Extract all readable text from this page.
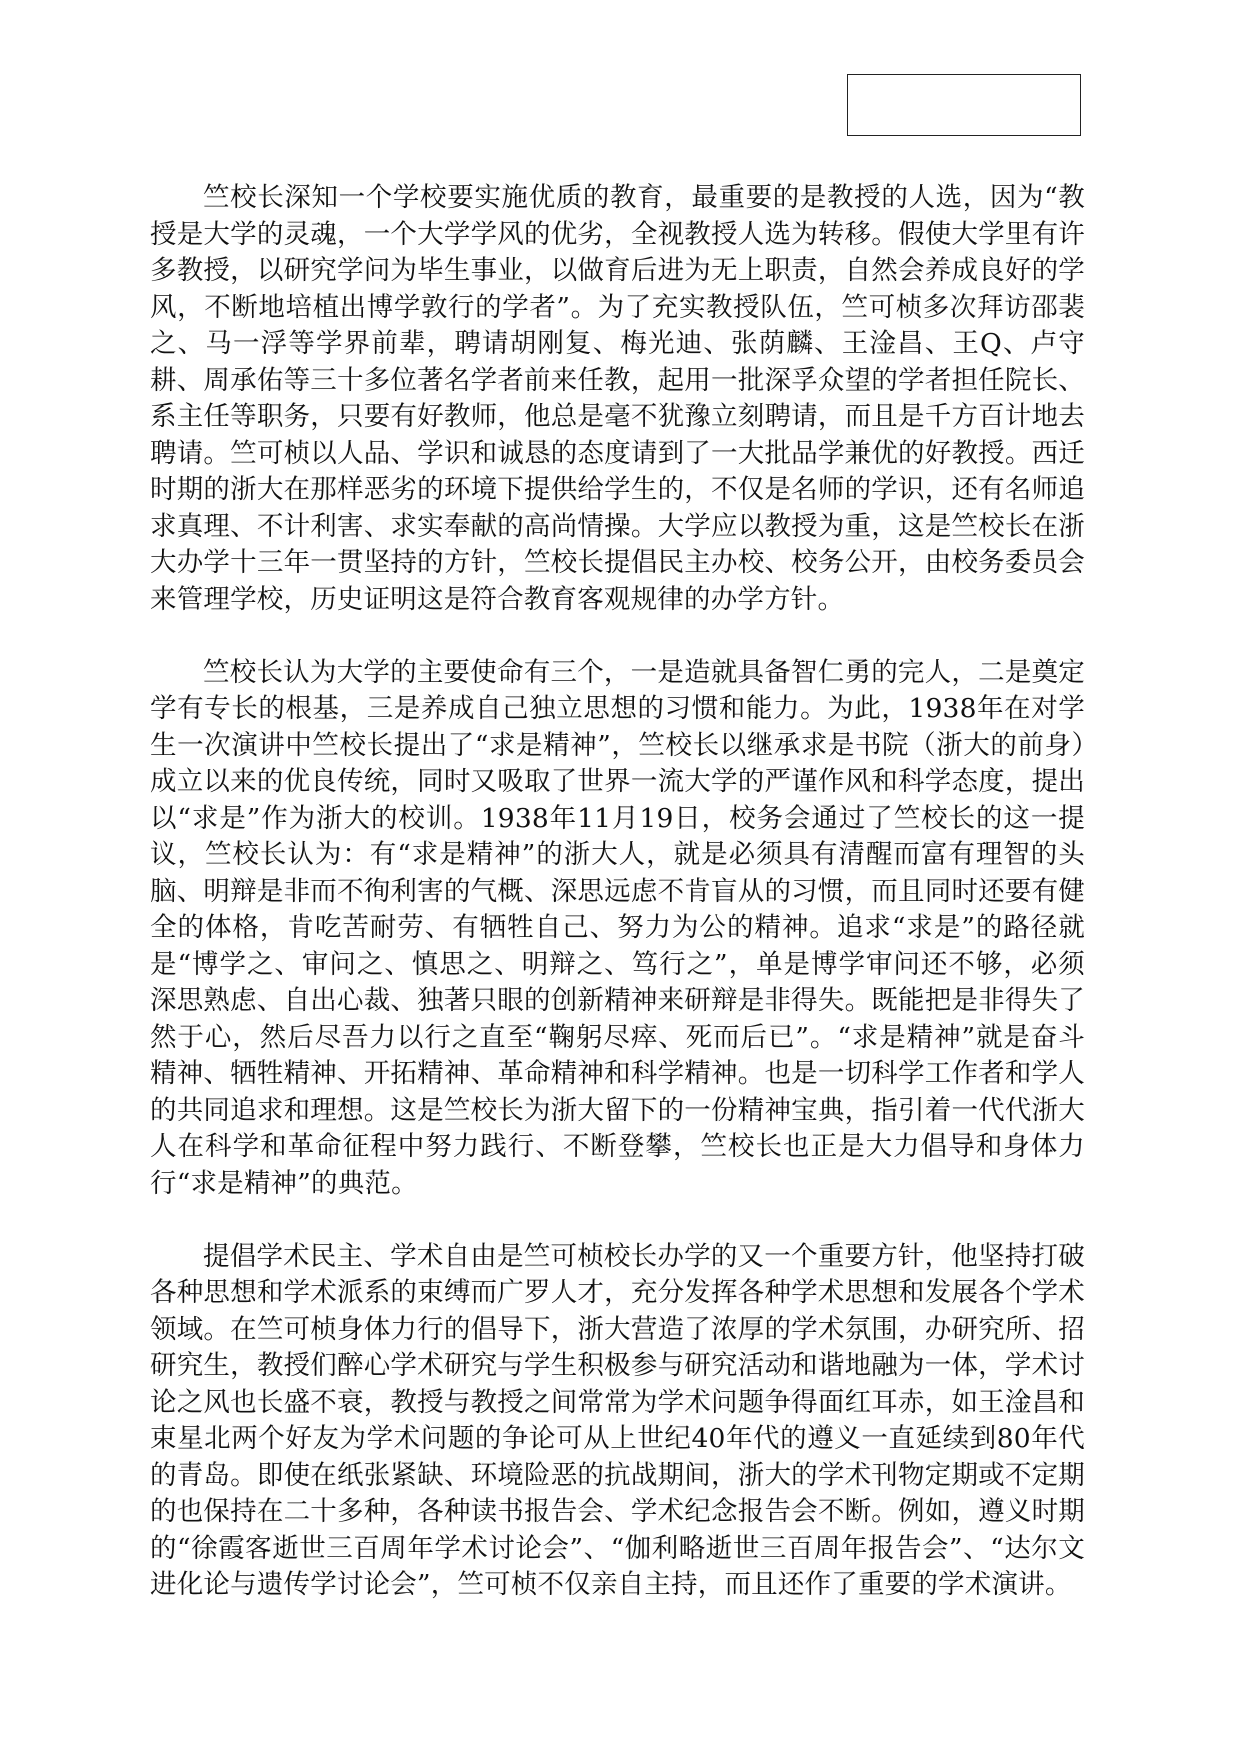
竺校长深知一个学校要实施优质的教育，最重要的是教授的人选，因为“教授是大学的灵魂，一个大学学风的优劣，全视教授人选为转移。假使大学里有许多教授，以研究学问为毕生事业，以做育后进为无上职责，自然会养成良好的学风，不断地培植出博学敦行的学者”。为了充实教授队伍，竺可桢多次拜访邵裴之、马一浮等学界前辈，聘请胡刚复、梅光迪、张荫麟、王淦昌、王Q、卢守耕、周承佑等三十多位著名学者前来任教，起用一批深孚众望的学者担任院长、系主任等职务，只要有好教师，他总是毫不犹豫立刻聘请，而且是千方百计地去聘请。竺可桢以人品、学识和诚恳的态度请到了一大批品学兼优的好教授。西迁时期的浙大在那样恶劣的环境下提供给学生的，不仅是名师的学识，还有名师追求真理、不计利害、求实奉献的高尚情操。大学应以教授为重，这是竺校长在浙大办学十三年一贯坚持的方针，竺校长提倡民主办校、校务公开，由校务委员会来管理学校，历史证明这是符合教育客观规律的办学方针。

竺校长认为大学的主要使命有三个，一是造就具备智仁勇的完人，二是奠定学有专长的根基，三是养成自己独立思想的习惯和能力。为此，1938年在对学生一次演讲中竺校长提出了“求是精神”，竺校长以继承求是书院（浙大的前身）成立以来的优良传统，同时又吸取了世界一流大学的严谨作风和科学态度，提出以“求是”作为浙大的校训。1938年11月19日，校务会通过了竺校长的这一提议，竺校长认为：有“求是精神”的浙大人，就是必须具有清醒而富有理智的头脑、明辩是非而不徇利害的气概、深思远虑不肯盲从的习惯，而且同时还要有健全的体格，肯吃苦耐劳、有牺牲自己、努力为公的精神。追求“求是”的路径就是“博学之、审问之、慎思之、明辩之、笃行之”，单是博学审问还不够，必须深思熟虑、自出心裁、独著只眼的创新精神来研辩是非得失。既能把是非得失了然于心，然后尽吾力以行之直至“鞠躬尽瘁、死而后已”。“求是精神”就是奋斗精神、牺牲精神、开拓精神、革命精神和科学精神。也是一切科学工作者和学人的共同追求和理想。这是竺校长为浙大留下的一份精神宝典，指引着一代代浙大人在科学和革命征程中努力践行、不断登攀，竺校长也正是大力倡导和身体力行“求是精神”的典范。

提倡学术民主、学术自由是竺可桢校长办学的又一个重要方针，他坚持打破各种思想和学术派系的束缚而广罗人才，充分发挥各种学术思想和发展各个学术领域。在竺可桢身体力行的倡导下，浙大营造了浓厚的学术氛围，办研究所、招研究生，教授们醉心学术研究与学生积极参与研究活动和谐地融为一体，学术讨论之风也长盛不衰，教授与教授之间常常为学术问题争得面红耳赤，如王淦昌和束星北两个好友为学术问题的争论可从上世纪40年代的遵义一直延续到80年代的青岛。即使在纸张紧缺、环境险恶的抗战期间，浙大的学术刊物定期或不定期的也保持在二十多种，各种读书报告会、学术纪念报告会不断。例如，遵义时期的“徐霞客逝世三百周年学术讨论会”、“伽利略逝世三百周年报告会”、“达尔文进化论与遗传学讨论会”，竺可桢不仅亲自主持，而且还作了重要的学术演讲。
